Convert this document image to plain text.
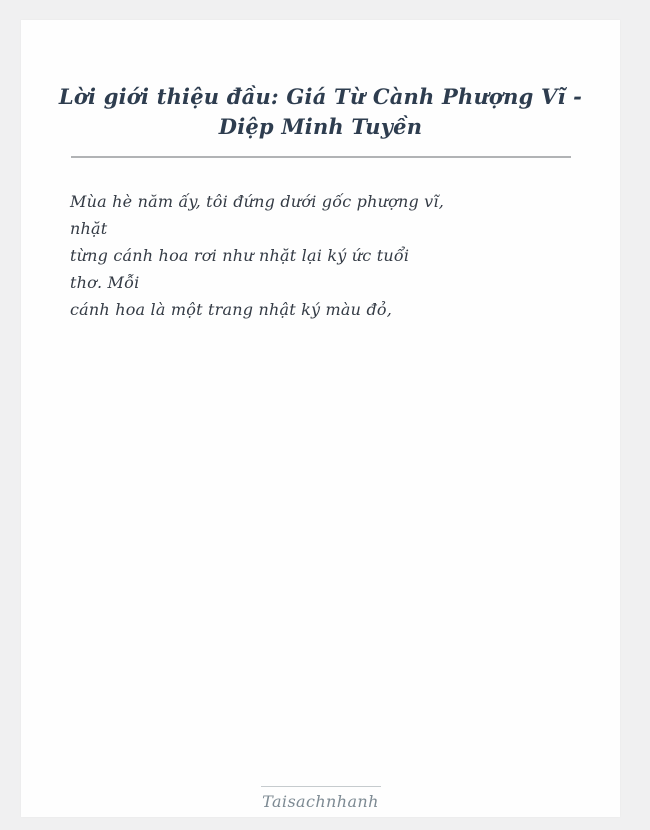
Lời giới thiệu đầu: Giá Từ Cành Phượng Vĩ - Diệp Minh Tuyền
Mùa hè năm ấy, tôi đứng dưới gốc phượng vĩ,
nhặt
từng cánh hoa rơi như nhặt lại ký ức tuổi
thơ. Mỗi
cánh hoa là một trang nhật ký màu đỏ,
Taisachnhanh
